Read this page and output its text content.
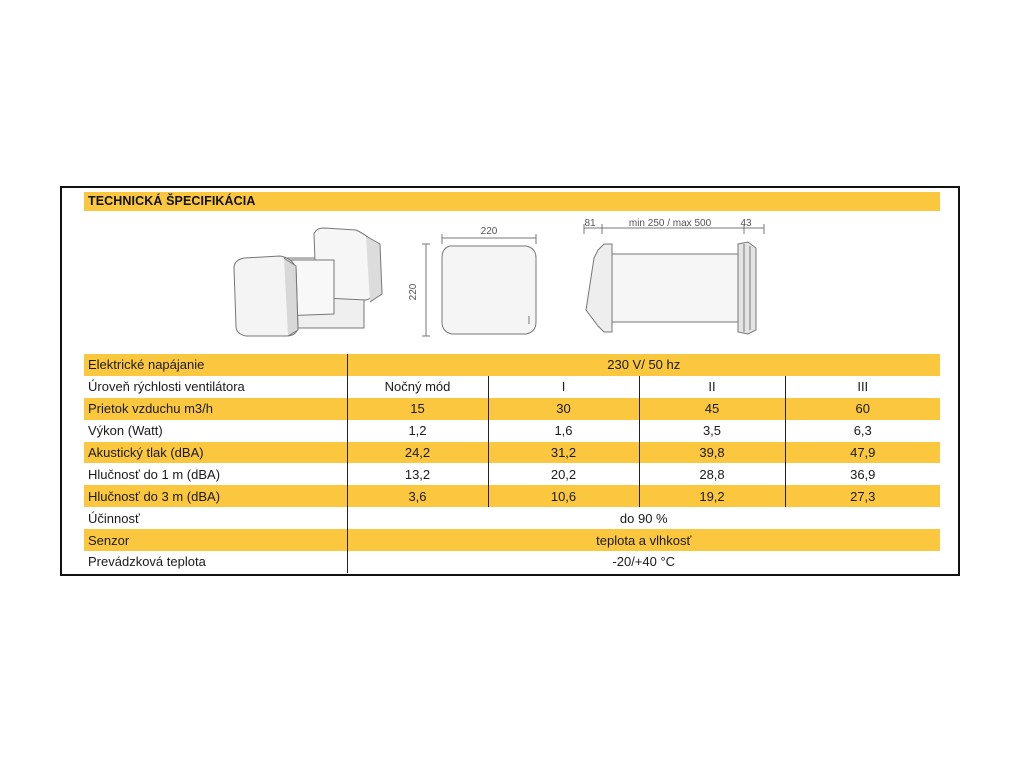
TECHNICKÁ ŠPECIFIKÁCIA
220
220
81	min 250 / max 500	43
Elektrické napájanie	230 V/ 50 hz			
Úroveň rýchlosti ventilátora	Nočný mód	I	II	III
Prietok vzduchu m3/h	15	30	45	60
Výkon (Watt)	1,2	1,6	3,5	6,3
Akustický tlak (dBA)	24,2	31,2	39,8	47,9
Hlučnosť do 1 m (dBA)	13,2	20,2	28,8	36,9
Hlučnosť do 3 m (dBA)	3,6	10,6	19,2	27,3
Účinnosť	do 90 %			
Senzor	teplota a vlhkosť			
Prevádzková teplota	-20/+40 °C			
